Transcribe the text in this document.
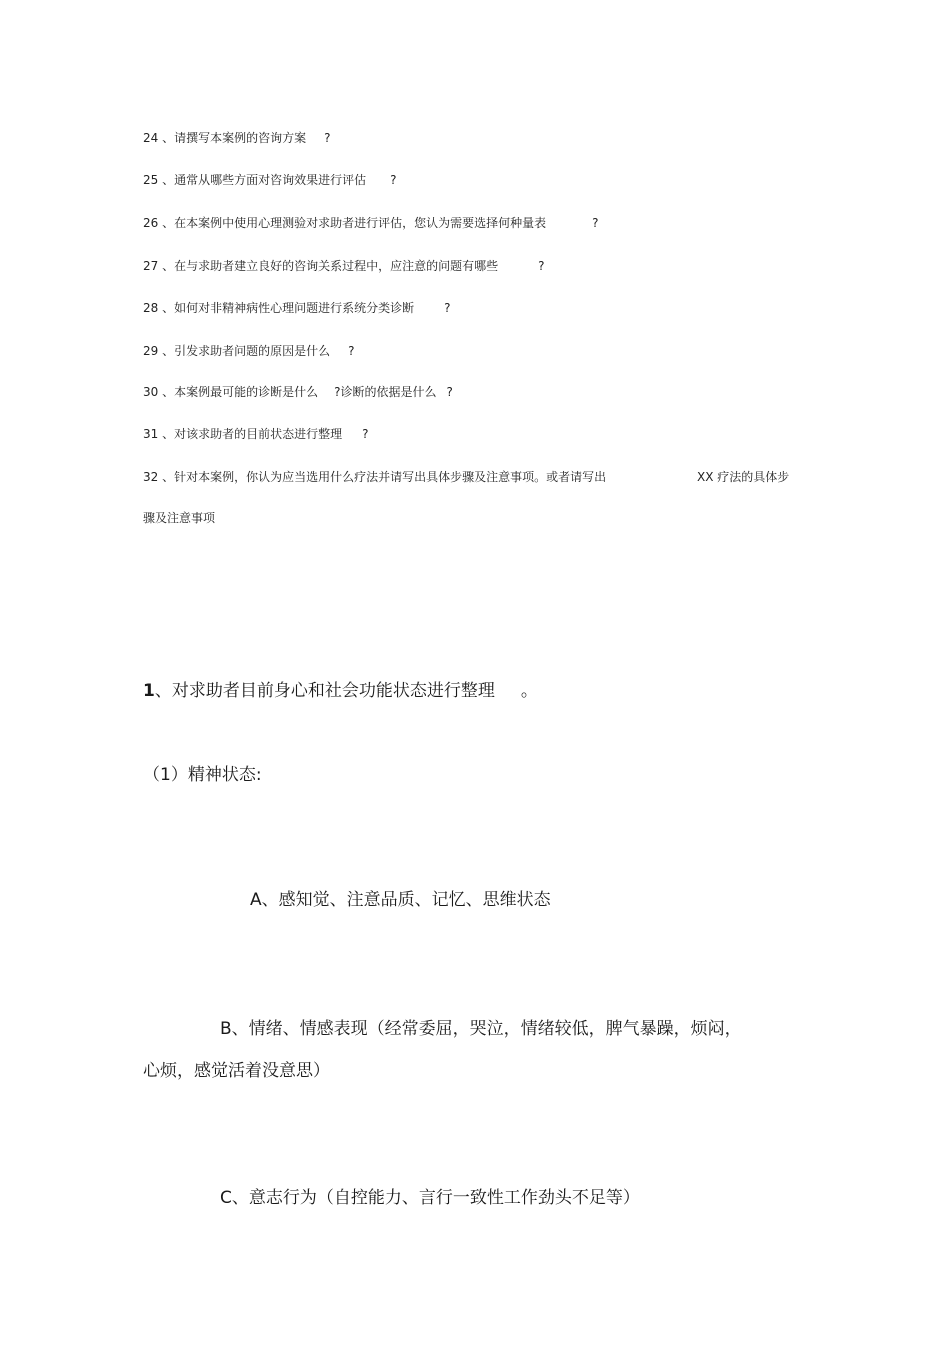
24 、请撰写本案例的咨询方案 ?
25 、通常从哪些方面对咨询效果进行评估 ?
26 、在本案例中使用心理测验对求助者进行评估，您认为需要选择何种量表	?
27 、在与求助者建立良好的咨询关系过程中，应注意的问题有哪些	?
28 、如何对非精神病性心理问题进行系统分类诊断	?
29 、引发求助者问题的原因是什么 ?
30 、本案例最可能的诊断是什么 ?诊断的依据是什么 ?
31 、对该求助者的目前状态进行整理 ?
32 、针对本案例，你认为应当选用什么疗法并请写出具体步骤及注意事项。或者请写出	XX 疗法的具体步
骤及注意事项
1、对求助者目前身心和社会功能状态进行整理 。
（1）精神状态:
A、感知觉、注意品质、记忆、思维状态
B、情绪、情感表现（经常委屈，哭泣，情绪较低，脾气暴躁，烦闷，
心烦，感觉活着没意思）
C、意志行为（自控能力、言行一致性工作劲头不足等）
